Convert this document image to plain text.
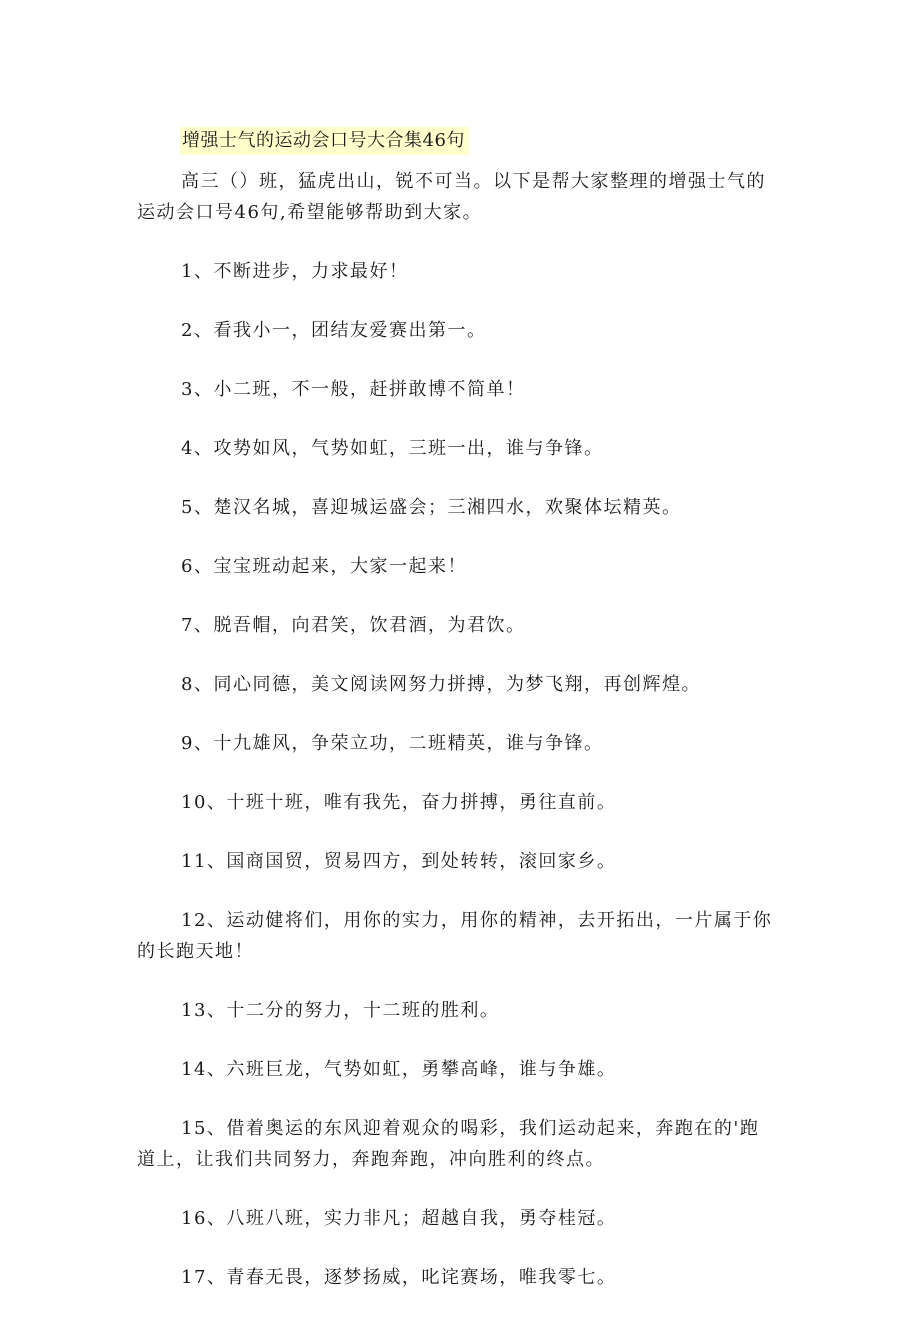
增强士气的运动会口号大合集46句

高三（）班，猛虎出山，锐不可当。以下是帮大家整理的增强士气的运动会口号46句,希望能够帮助到大家。

1、不断进步，力求最好！

2、看我小一，团结友爱赛出第一。

3、小二班，不一般，赶拼敢博不简单！

4、攻势如风，气势如虹，三班一出，谁与争锋。

5、楚汉名城，喜迎城运盛会；三湘四水，欢聚体坛精英。

6、宝宝班动起来，大家一起来！

7、脱吾帽，向君笑，饮君酒，为君饮。

8、同心同德，美文阅读网努力拼搏，为梦飞翔，再创辉煌。

9、十九雄风，争荣立功，二班精英，谁与争锋。

10、十班十班，唯有我先，奋力拼搏，勇往直前。

11、国商国贸，贸易四方，到处转转，滚回家乡。

12、运动健将们，用你的实力，用你的精神，去开拓出，一片属于你的长跑天地！

13、十二分的努力，十二班的胜利。

14、六班巨龙，气势如虹，勇攀高峰，谁与争雄。

15、借着奥运的东风迎着观众的喝彩，我们运动起来，奔跑在的'跑道上，让我们共同努力，奔跑奔跑，冲向胜利的终点。

16、八班八班，实力非凡；超越自我，勇夺桂冠。

17、青春无畏，逐梦扬威，叱诧赛场，唯我零七。
